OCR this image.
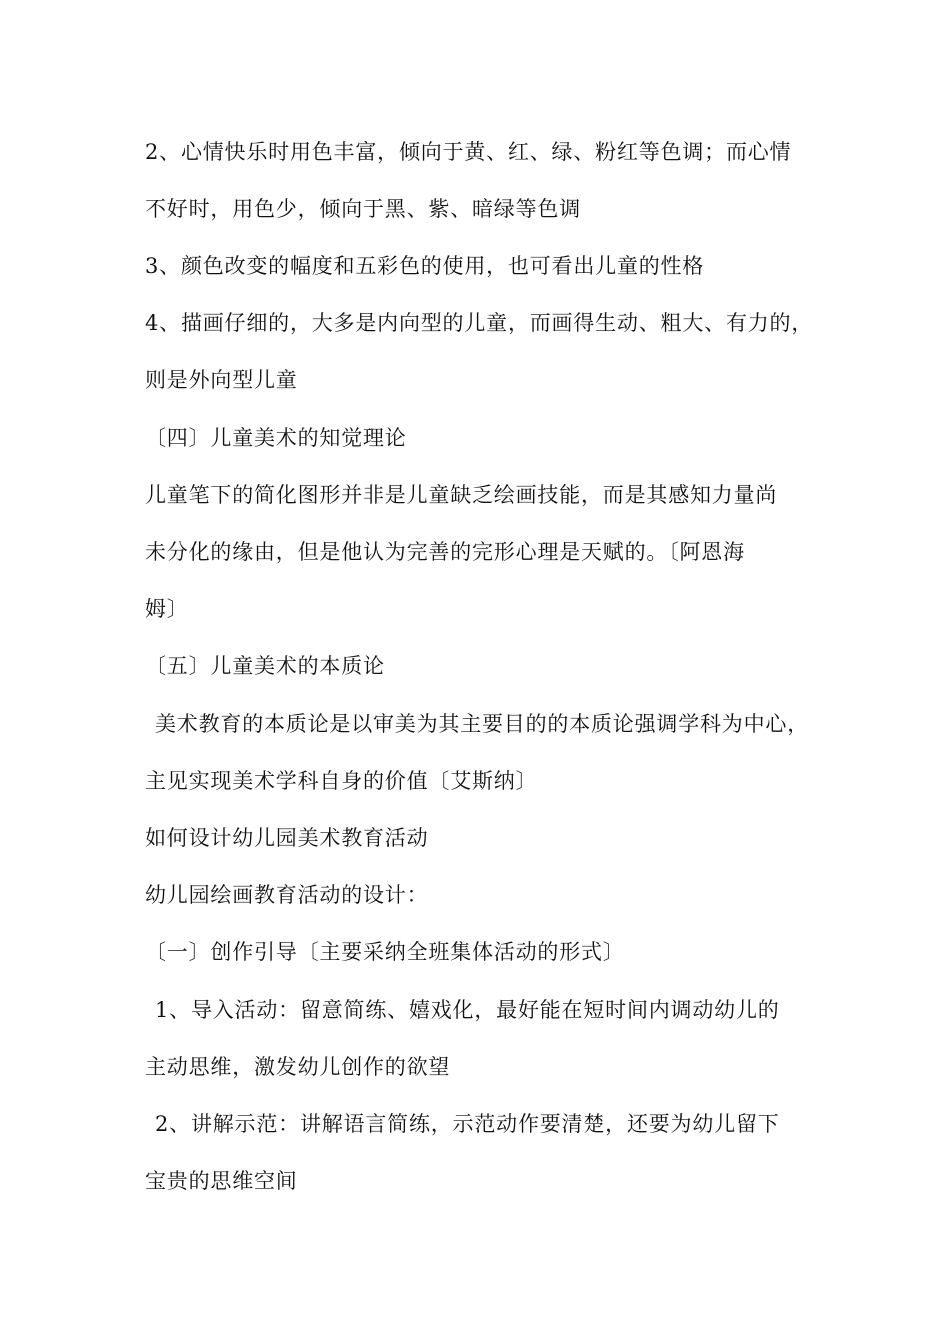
2、心情快乐时用色丰富，倾向于黄、红、绿、粉红等色调；而心情
不好时，用色少，倾向于黑、紫、暗绿等色调
3、颜色改变的幅度和五彩色的使用，也可看出儿童的性格
4、描画仔细的，大多是内向型的儿童，而画得生动、粗大、有力的，
则是外向型儿童
〔四〕儿童美术的知觉理论
儿童笔下的简化图形并非是儿童缺乏绘画技能，而是其感知力量尚
未分化的缘由，但是他认为完善的完形心理是天赋的。〔阿恩海
姆〕
〔五〕儿童美术的本质论
美术教育的本质论是以审美为其主要目的的本质论强调学科为中心，
主见实现美术学科自身的价值〔艾斯纳〕
如何设计幼儿园美术教育活动
幼儿园绘画教育活动的设计：
〔一〕创作引导〔主要采纳全班集体活动的形式〕
1、导入活动：留意简练、嬉戏化，最好能在短时间内调动幼儿的
主动思维，激发幼儿创作的欲望
2、讲解示范：讲解语言简练，示范动作要清楚，还要为幼儿留下
宝贵的思维空间
